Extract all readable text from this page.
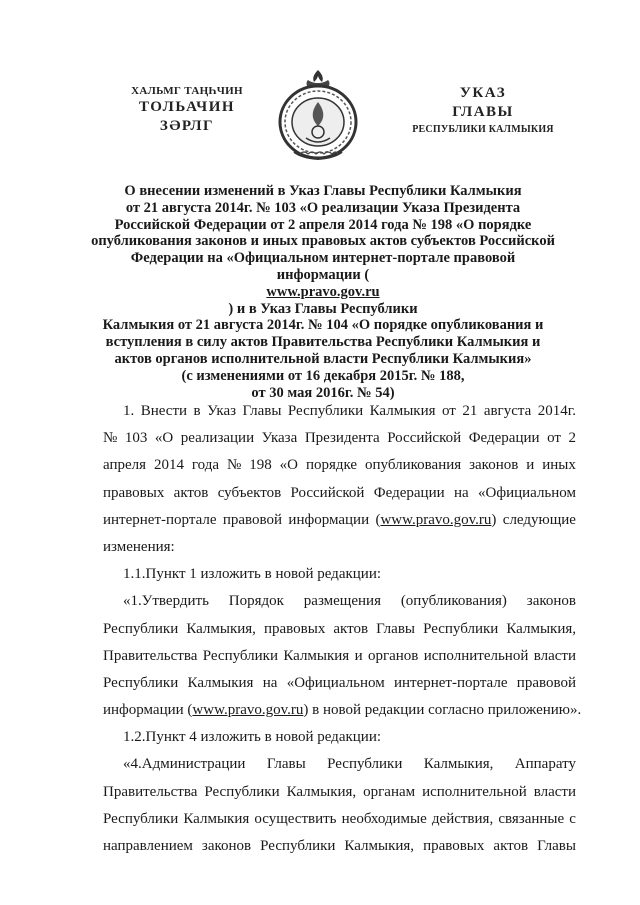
ХАЛЬМГ ТАҢҺЧИН
ТОЛЬАЧИН
ЗӘРЛГ
УКАЗ
ГЛАВЫ
РЕСПУБЛИКИ КАЛМЫКИЯ
О внесении изменений в Указ Главы Республики Калмыкия
от 21 августа 2014г. № 103 «О реализации Указа Президента
Российской Федерации от 2 апреля 2014 года № 198 «О порядке
опубликования законов и иных правовых актов субъектов Российской
Федерации на «Официальном интернет-портале правовой
информации (
www.pravo.gov.ru
) и в Указ Главы Республики
Калмыкия от 21 августа 2014г. № 104 «О порядке опубликования и
вступления в силу актов Правительства Республики Калмыкия и
актов органов исполнительной власти Республики Калмыкия»
(с изменениями от 16 декабря 2015г. № 188,
от 30 мая 2016г. № 54)
1. Внести в Указ Главы Республики Калмыкия от 21 августа 2014г.
№ 103 «О реализации Указа Президента Российской Федерации от 2
апреля 2014 года № 198 «О порядке опубликования законов и иных
правовых актов субъектов Российской Федерации на «Официальном
интернет-портале правовой информации (www.pravo.gov.ru) следующие
изменения:
1.1.Пункт 1 изложить в новой редакции:
«1.Утвердить Порядок размещения (опубликования) законов
Республики Калмыкия, правовых актов Главы Республики Калмыкия,
Правительства Республики Калмыкия и органов исполнительной власти
Республики Калмыкия на «Официальном интернет-портале правовой
информации (www.pravo.gov.ru) в новой редакции согласно приложению».
1.2.Пункт 4 изложить в новой редакции:
«4.Администрации Главы Республики Калмыкия, Аппарату
Правительства Республики Калмыкия, органам исполнительной власти
Республики Калмыкия осуществить необходимые действия, связанные с
направлением законов Республики Калмыкия, правовых актов Главы
